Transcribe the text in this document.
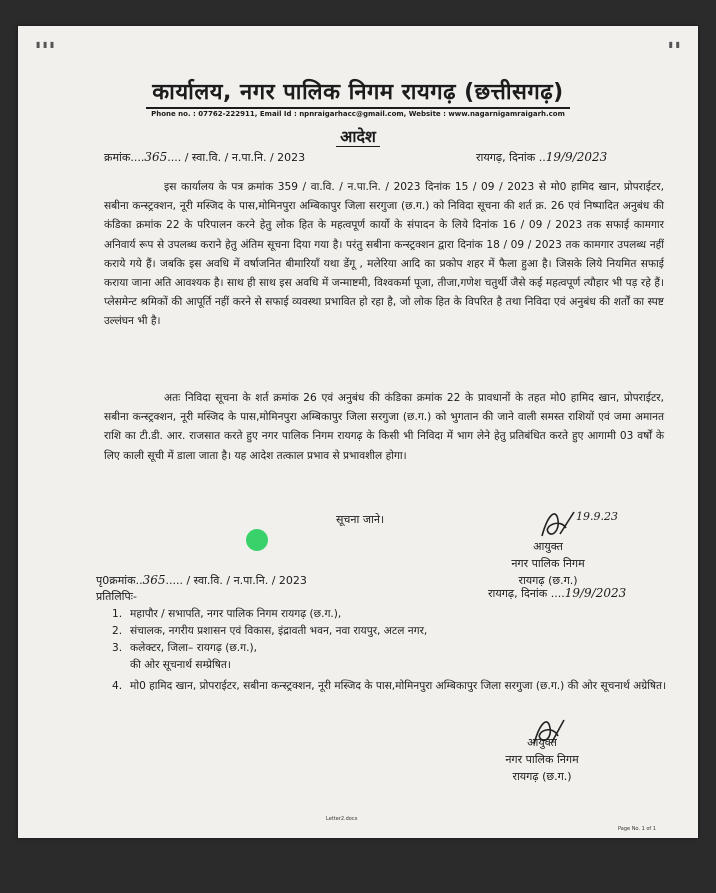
▮ ▮ ▮	▮ ▮
कार्यालय, नगर पालिक निगम रायगढ़ (छत्तीसगढ़)
Phone no. : 07762-222911, Email Id : npnraigarhacc@gmail.com, Website : www.nagarnigamraigarh.com
आदेश
क्रमांक....365.... / स्वा.वि. / न.पा.नि. / 2023	रायगढ़, दिनांक ..19/9/2023
इस कार्यालय के पत्र क्रमांक 359 / वा.वि. / न.पा.नि. / 2023 दिनांक 15 / 09 / 2023 से मो0 हामिद खान, प्रोपराईटर, सबीना कन्स्ट्रक्शन, नूरी मस्जिद के पास,मोमिनपुरा अम्बिकापुर जिला सरगुजा (छ.ग.) को निविदा सूचना की शर्त क्र. 26 एवं निष्पादित अनुबंध की कंडिका क्रमांक 22 के परिपालन करने हेतु लोक हित के महत्वपूर्ण कार्यो के संपादन के लिये दिनांक 16 / 09 / 2023 तक सफाई कामगार अनिवार्य रूप से उपलब्ध कराने हेतु अंतिम सूचना दिया गया है। परंतु सबीना कन्स्ट्रक्शन द्वारा दिनांक 18 / 09 / 2023 तक कामगार उपलब्ध नहीं कराये गये हैं। जबकि इस अवधि में वर्षाजनित बीमारियाँ यथा डेंगू , मलेरिया आदि का प्रकोप शहर में फैला हुआ है। जिसके लिये नियमित सफाई कराया जाना अति आवश्यक है। साथ ही साथ इस अवधि में जन्माष्टमी, विश्वकर्मा पूजा, तीजा,गणेश चतुर्थी जैसे कई महत्वपूर्ण त्यौहार भी पड़ रहे हैं। प्लेसमेन्ट श्रमिकों की आपूर्ति नहीं करने से सफाई व्यवस्था प्रभावित हो रहा है, जो लोक हित के विपरित है तथा निविदा एवं अनुबंध की शर्तों का स्पष्ट उल्लंघन भी है।
अतः निविदा सूचना के शर्त क्रमांक 26 एवं अनुबंध की कंडिका क्रमांक 22 के प्रावधानों के तहत मो0 हामिद खान, प्रोपराईटर, सबीना कन्स्ट्रक्शन, नूरी मस्जिद के पास,मोमिनपुरा अम्बिकापुर जिला सरगुजा (छ.ग.) को भुगतान की जाने वाली समस्त राशियों एवं जमा अमानत राशि का टी.डी. आर. राजसात करते हुए नगर पालिक निगम रायगढ़ के किसी भी निविदा में भाग लेने हेतु प्रतिबंधित करते हुए आगामी 03 वर्षों के लिए काली सूची में डाला जाता है। यह आदेश तत्काल प्रभाव से प्रभावशील होगा।
सूचना जाने।	19.9.23
आयुक्त
नगर पालिक निगम
रायगढ़ (छ.ग.)
पृ0क्रमांक..365..... / स्वा.वि. / न.पा.नि. / 2023
रायगढ़, दिनांक ....19/9/2023
प्रतिलिपिः-
1. महापौर / सभापति, नगर पालिक निगम रायगढ़ (छ.ग.),
2. संचालक, नगरीय प्रशासन एवं विकास, इंद्रावती भवन, नवा रायपुर, अटल नगर,
3. कलेक्टर, जिला– रायगढ़ (छ.ग.),
की ओर सूचनार्थ सम्प्रेषित।
4. मो0 हामिद खान, प्रोपराईटर, सबीना कन्स्ट्रक्शन, नूरी मस्जिद के पास,मोमिनपुरा अम्बिकापुर जिला सरगुजा (छ.ग.) की ओर सूचनार्थ अग्रेषित।
आयुक्त
नगर पालिक निगम
रायगढ़ (छ.ग.)
Letter2.docx
Page No. 1 of 1
